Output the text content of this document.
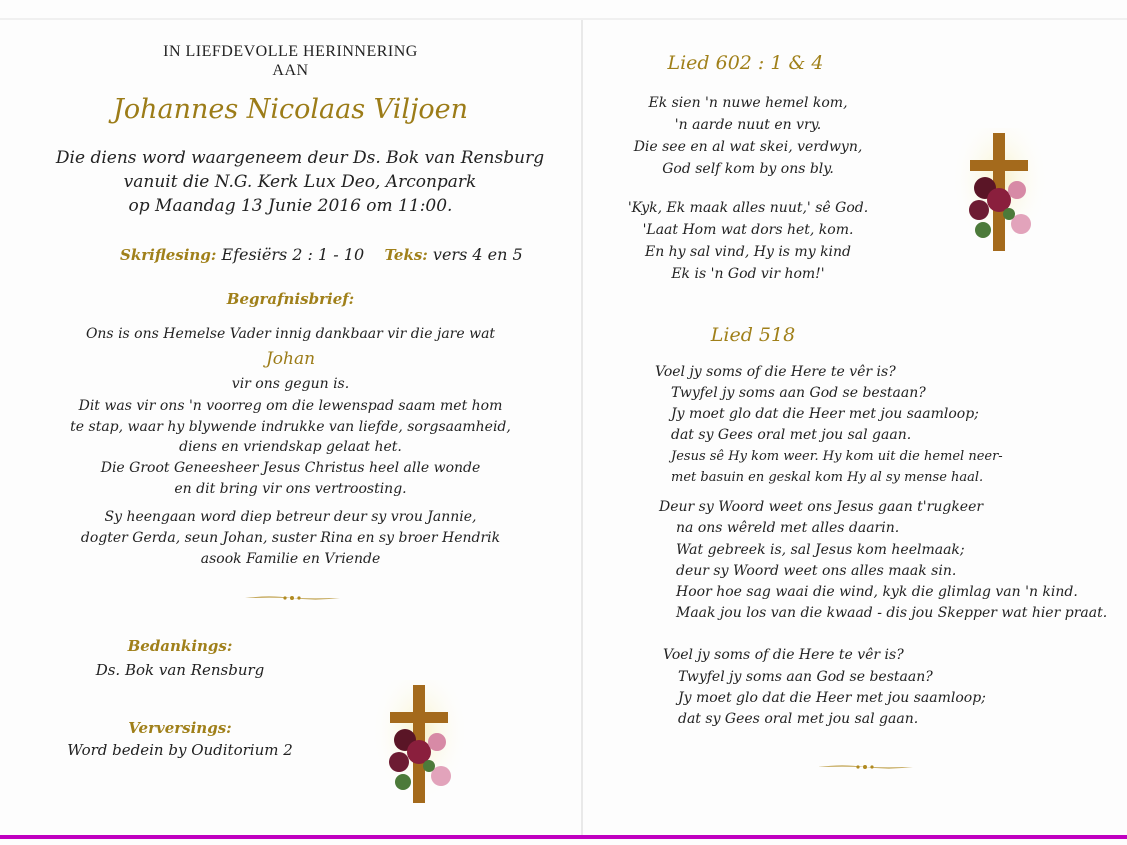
IN LIEFDEVOLLE HERINNERING
AAN
Johannes Nicolaas Viljoen
Die diens word waargeneem deur Ds. Bok van Rensburg
vanuit die N.G. Kerk Lux Deo, Arconpark
op Maandag 13 Junie 2016 om 11:00.
Skriflesing: Efesiërs 2 : 1 - 10 Teks: vers 4 en 5
Begrafnisbrief:
Ons is ons Hemelse Vader innig dankbaar vir die jare wat
Johan
vir ons gegun is.
Dit was vir ons 'n voorreg om die lewenspad saam met hom
te stap, waar hy blywende indrukke van liefde, sorgsaamheid,
diens en vriendskap gelaat het.
Die Groot Geneesheer Jesus Christus heel alle wonde
en dit bring vir ons vertroosting.
Sy heengaan word diep betreur deur sy vrou Jannie,
dogter Gerda, seun Johan, suster Rina en sy broer Hendrik
asook Familie en Vriende
Bedankings:
Ds. Bok van Rensburg
Verversings:
Word bedein by Ouditorium 2
Lied 602 : 1 & 4
Ek sien 'n nuwe hemel kom,
'n aarde nuut en vry.
Die see en al wat skei, verdwyn,
God self kom by ons bly.
'Kyk, Ek maak alles nuut,' sê God.
'Laat Hom wat dors het, kom.
En hy sal vind, Hy is my kind
Ek is 'n God vir hom!'
Lied 518
Voel jy soms of die Here te vêr is?
Twyfel jy soms aan God se bestaan?
Jy moet glo dat die Heer met jou saamloop;
dat sy Gees oral met jou sal gaan.
Jesus sê Hy kom weer. Hy kom uit die hemel neer-
met basuin en geskal kom Hy al sy mense haal.
Deur sy Woord weet ons Jesus gaan t'rugkeer
na ons wêreld met alles daarin.
Wat gebreek is, sal Jesus kom heelmaak;
deur sy Woord weet ons alles maak sin.
Hoor hoe sag waai die wind, kyk die glimlag van 'n kind.
Maak jou los van die kwaad - dis jou Skepper wat hier praat.
Voel jy soms of die Here te vêr is?
Twyfel jy soms aan God se bestaan?
Jy moet glo dat die Heer met jou saamloop;
dat sy Gees oral met jou sal gaan.
